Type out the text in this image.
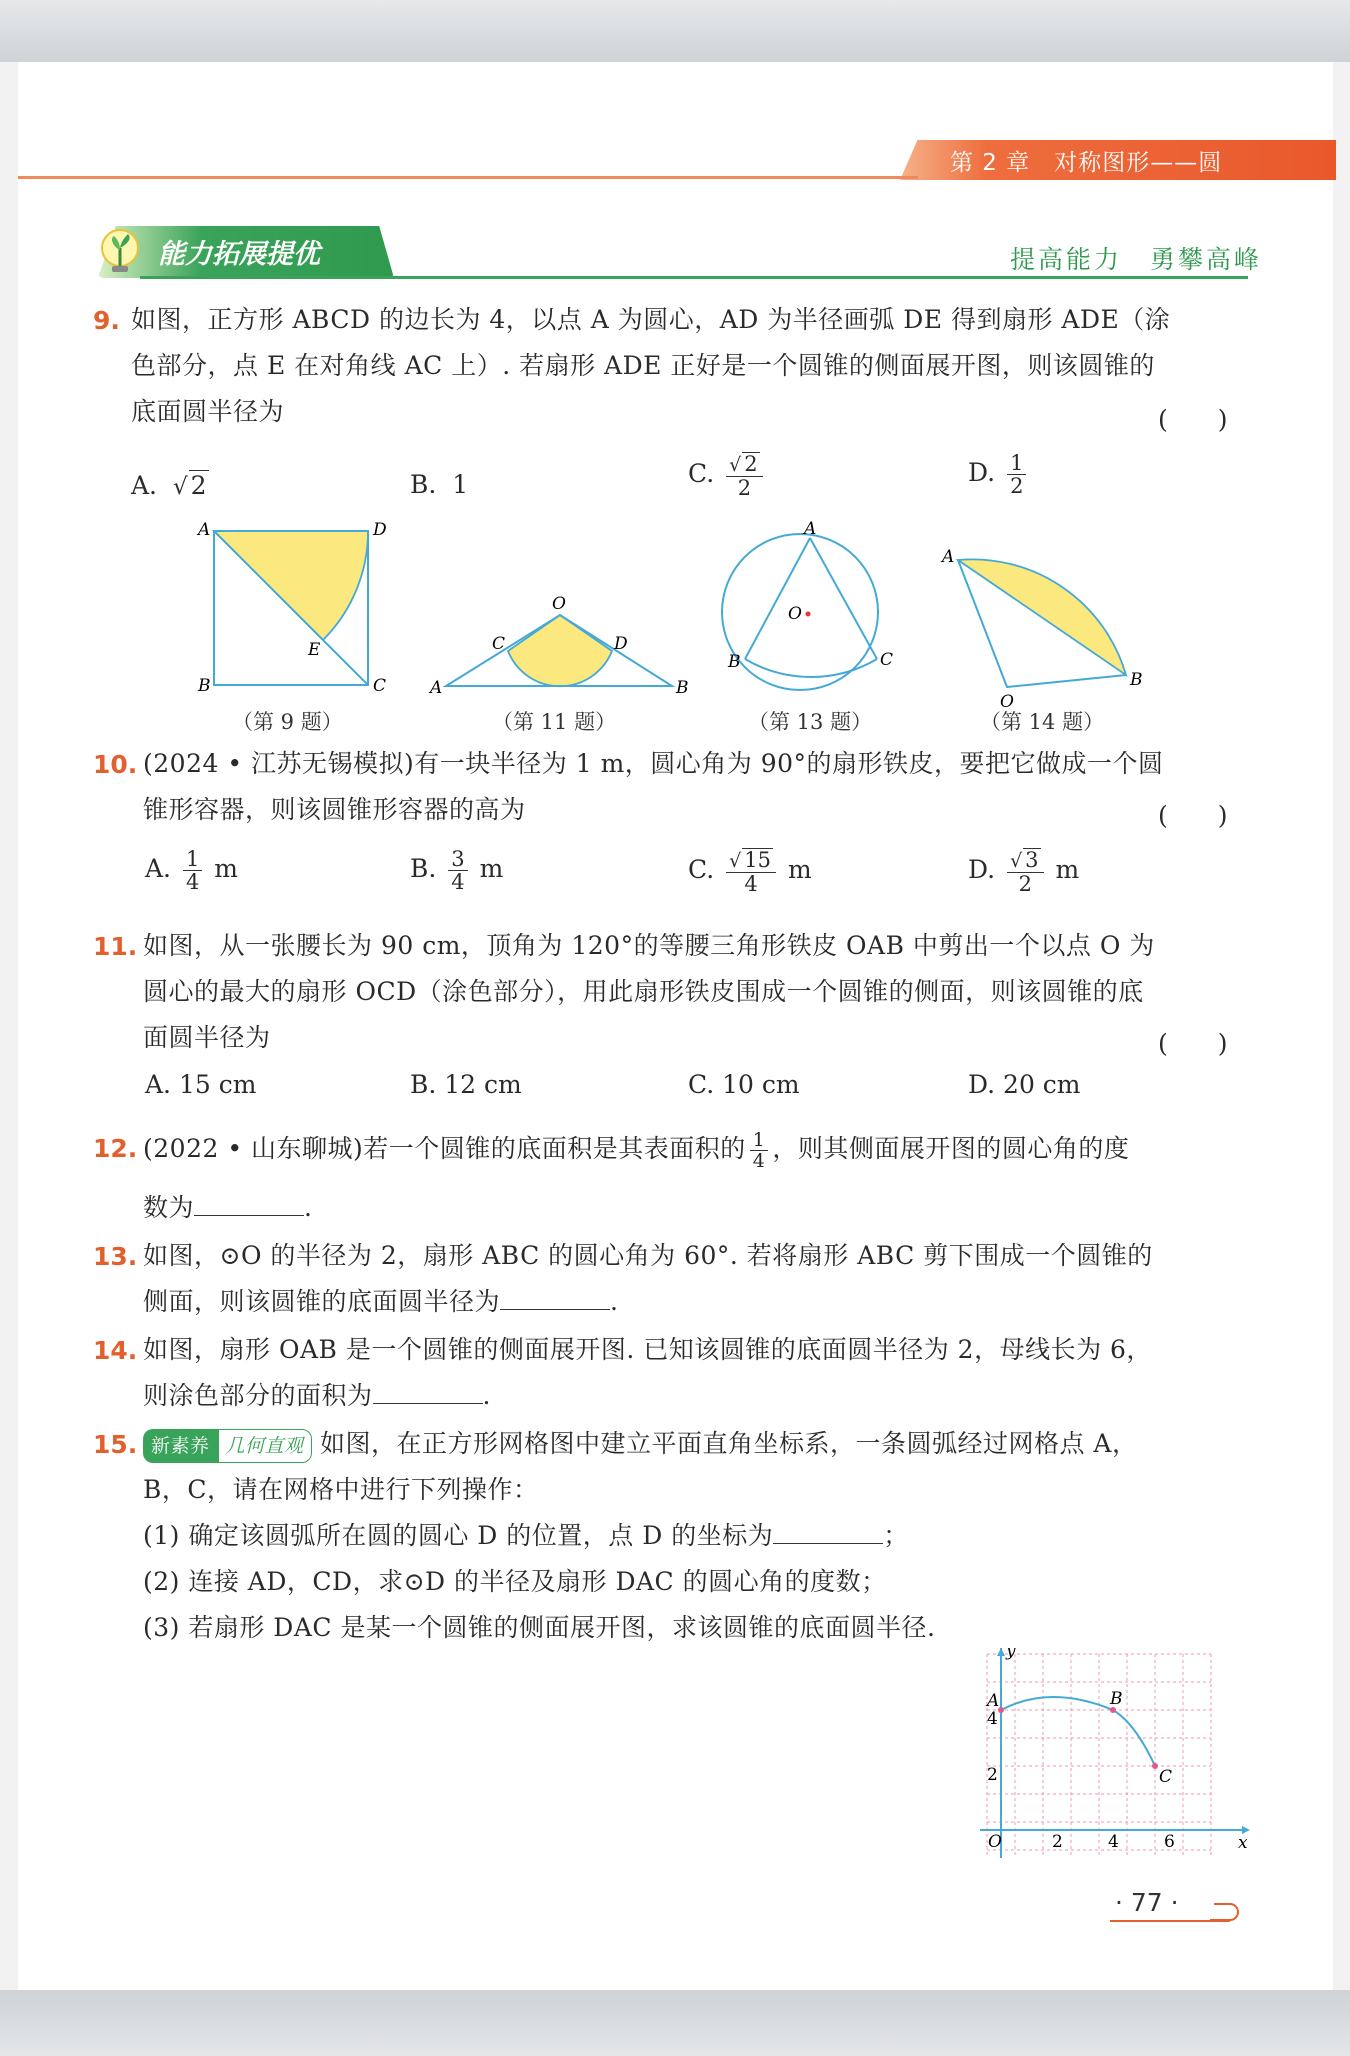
第 2 章　对称图形——圆
能力拓展提优	提高能力　勇攀高峰
9. 如图，正方形 ABCD 的边长为 4，以点 A 为圆心，AD 为半径画弧 DE 得到扇形 ADE（涂
色部分，点 E 在对角线 AC 上）. 若扇形 ADE 正好是一个圆锥的侧面展开图，则该圆锥的
底面圆半径为	(　　)
A. √ 2	B. 1	C. $\frac{√ 2}{2}$	D. $\frac{1}{2}$
A	D
B	C
E
O
C	D
A	B
O
A
B	C
A
O
B
（第 9 题）	（第 11 题）	（第 13 题）	（第 14 题）
10. (2024 • 江苏无锡模拟)有一块半径为 1 m，圆心角为 90°的扇形铁皮，要把它做成一个圆
锥形容器，则该圆锥形容器的高为	(　　)
A. $\frac{1}{4}$ m	B. $\frac{3}{4}$ m	C. $\frac{√ 15}{4}$ m	D. $\frac{√ 3}{2}$ m
11. 如图，从一张腰长为 90 cm，顶角为 120°的等腰三角形铁皮 OAB 中剪出一个以点 O 为
圆心的最大的扇形 OCD（涂色部分），用此扇形铁皮围成一个圆锥的侧面，则该圆锥的底
面圆半径为	(　　)
A. 15 cm	B. 12 cm	C. 10 cm	D. 20 cm
12. (2022 • 山东聊城)若一个圆锥的底面积是其表面积的 $\frac{1}{4}$ ，则其侧面展开图的圆心角的度
数为	.
13. 如图，⊙O 的半径为 2，扇形 ABC 的圆心角为 60°. 若将扇形 ABC 剪下围成一个圆锥的
侧面，则该圆锥的底面圆半径为	.
14. 如图，扇形 OAB 是一个圆锥的侧面展开图. 已知该圆锥的底面圆半径为 2，母线长为 6，
则涂色部分的面积为	.
15. 新素养 几何直观 如图，在正方形网格图中建立平面直角坐标系，一条圆弧经过网格点 A，
B，C，请在网格中进行下列操作：
(1) 确定该圆弧所在圆的圆心 D 的位置，点 D 的坐标为	；
(2) 连接 AD，CD，求⊙D 的半径及扇形 DAC 的圆心角的度数；
(3) 若扇形 DAC 是某一个圆锥的侧面展开图，求该圆锥的底面圆半径.
y
x
O	2	4	6
2
4
A	B
C
· 77 ·
